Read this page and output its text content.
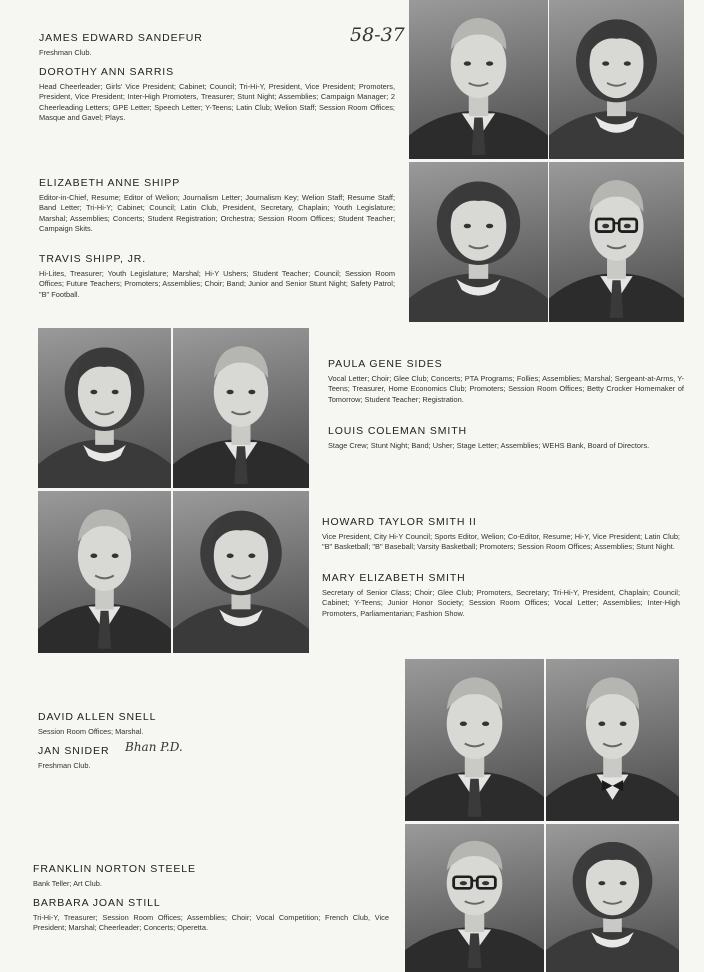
58-37
JAMES EDWARD SANDEFUR

Freshman Club.

DOROTHY ANN SARRIS

Head Cheerleader; Girls' Vice President; Cabinet; Council; Tri-Hi-Y, President, Vice President; Promoters, President, Vice President; Inter-High Promoters, Treasurer; Stunt Night; Assemblies; Campaign Manager; 2 Cheerleading Letters; GPE Letter; Speech Letter; Y-Teens; Latin Club; Welion Staff; Session Room Offices; Masque and Gavel; Plays.

ELIZABETH ANNE SHIPP

Editor-in-Chief, Resume; Editor of Welion; Journalism Letter; Journalism Key; Welion Staff; Resume Staff; Band Letter; Tri-Hi-Y; Cabinet; Council; Latin Club, President, Secretary, Chaplain; Youth Legislature; Marshal; Assemblies; Concerts; Student Registration; Orchestra; Session Room Offices; Student Teacher; Campaign Skits.

TRAVIS SHIPP, JR.

Hi-Lites, Treasurer; Youth Legislature; Marshal; Hi-Y Ushers; Student Teacher; Council; Session Room Offices; Future Teachers; Promoters; Assemblies; Choir; Band; Junior and Senior Stunt Night; Safety Patrol; "B" Football.

PAULA GENE SIDES

Vocal Letter; Choir; Glee Club; Concerts; PTA Programs; Follies; Assemblies; Marshal; Sergeant-at-Arms, Y-Teens; Treasurer, Home Economics Club; Promoters; Session Room Offices; Betty Crocker Homemaker of Tomorrow; Student Teacher; Registration.

LOUIS COLEMAN SMITH

Stage Crew; Stunt Night; Band; Usher; Stage Letter; Assemblies; WEHS Bank, Board of Directors.

HOWARD TAYLOR SMITH II

Vice President, City Hi-Y Council; Sports Editor, Welion; Co-Editor, Resume; Hi-Y, Vice President; Latin Club; "B" Basketball; "B" Baseball; Varsity Basketball; Promoters; Session Room Offices; Assemblies; Stunt Night.

MARY ELIZABETH SMITH

Secretary of Senior Class; Choir; Glee Club; Promoters, Secretary; Tri-Hi-Y, President, Chaplain; Council; Cabinet; Y-Teens; Junior Honor Society; Session Room Offices; Vocal Letter; Assemblies; Inter-High Promoters, Parliamentarian; Fashion Show.

DAVID ALLEN SNELL

Session Room Offices; Marshal.

JAN SNIDER

Freshman Club.

Bhan P.D.
FRANKLIN NORTON STEELE

Bank Teller; Art Club.

BARBARA JOAN STILL

Tri-Hi-Y, Treasurer; Session Room Offices; Assemblies; Choir; Vocal Competition; French Club, Vice President; Marshal; Cheerleader; Concerts; Operetta.
